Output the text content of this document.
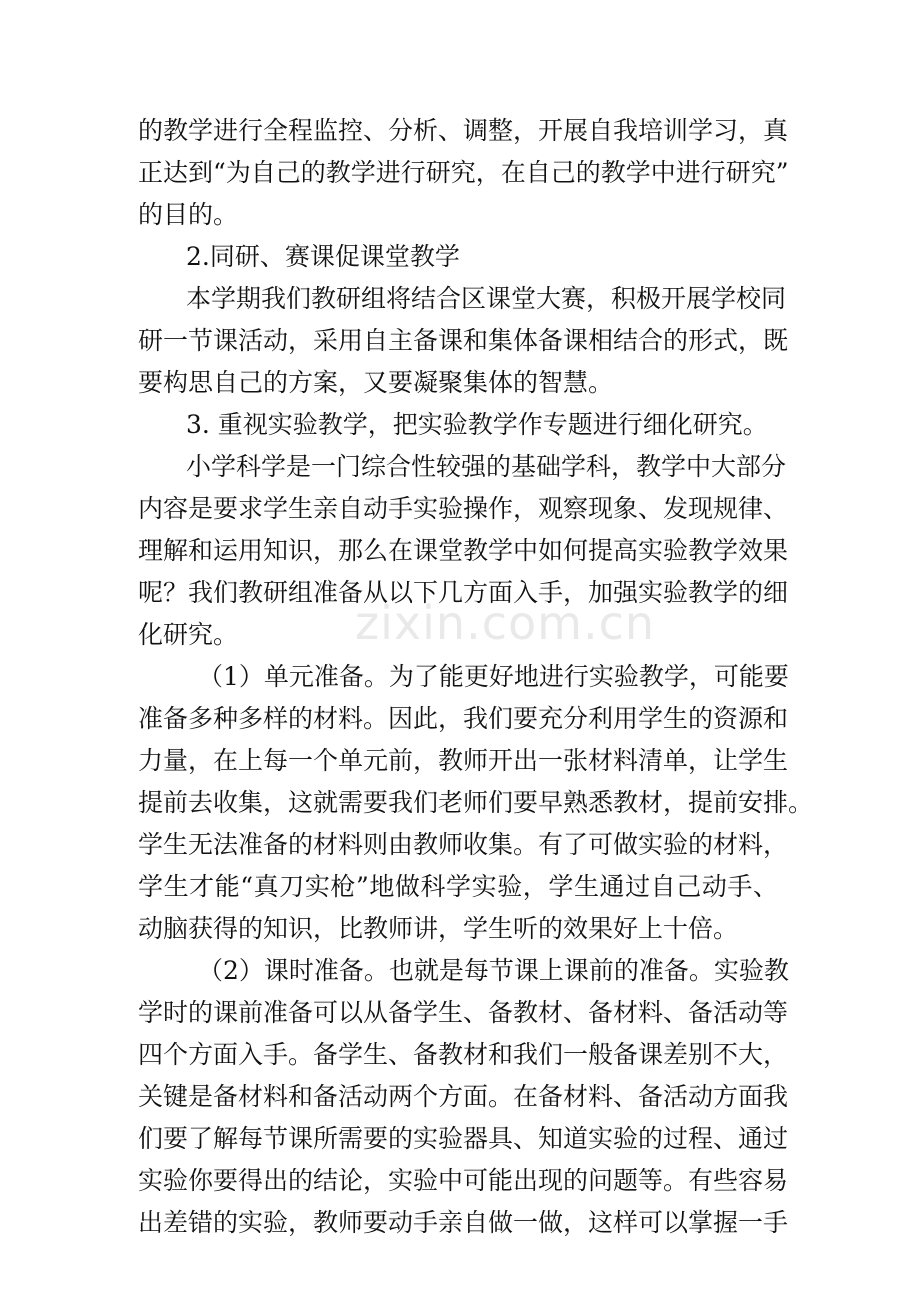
的教学进行全程监控、分析、调整，开展自我培训学习，真
正达到“为自己的教学进行研究，在自己的教学中进行研究”
的目的。
2.同研、赛课促课堂教学
本学期我们教研组将结合区课堂大赛，积极开展学校同
研一节课活动，采用自主备课和集体备课相结合的形式，既
要构思自己的方案，又要凝聚集体的智慧。
3. 重视实验教学，把实验教学作专题进行细化研究。
小学科学是一门综合性较强的基础学科，教学中大部分
内容是要求学生亲自动手实验操作，观察现象、发现规律、
理解和运用知识，那么在课堂教学中如何提高实验教学效果
呢？我们教研组准备从以下几方面入手，加强实验教学的细
化研究。
（1）单元准备。为了能更好地进行实验教学，可能要
准备多种多样的材料。因此，我们要充分利用学生的资源和
力量，在上每一个单元前，教师开出一张材料清单，让学生
提前去收集，这就需要我们老师们要早熟悉教材，提前安排。
学生无法准备的材料则由教师收集。有了可做实验的材料，
学生才能“真刀实枪”地做科学实验，学生通过自己动手、
动脑获得的知识，比教师讲，学生听的效果好上十倍。
（2）课时准备。也就是每节课上课前的准备。实验教
学时的课前准备可以从备学生、备教材、备材料、备活动等
四个方面入手。备学生、备教材和我们一般备课差别不大，
关键是备材料和备活动两个方面。在备材料、备活动方面我
们要了解每节课所需要的实验器具、知道实验的过程、通过
实验你要得出的结论，实验中可能出现的问题等。有些容易
出差错的实验，教师要动手亲自做一做，这样可以掌握一手
zixin.com.cn
